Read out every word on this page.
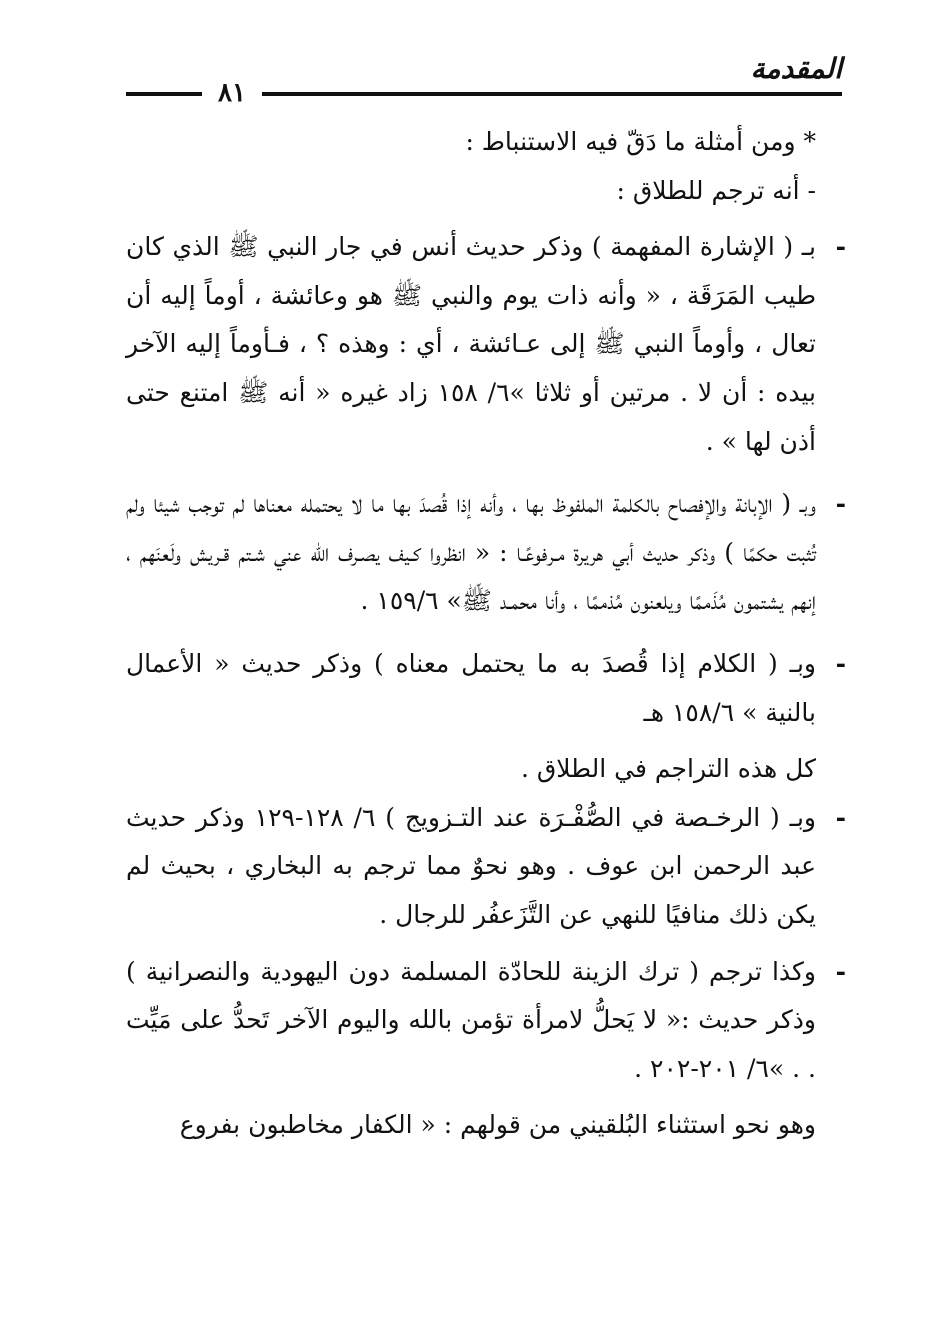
المقدمة
٨١

* ومن أمثلة ما دَقّ فيه الاستنباط :

- أنه ترجم للطلاق :

-

بـ ( الإشارة المفهمة ) وذكر حديث أنس في جار النبي ﷺ الذي كان طيب المَرَقَة ، « وأنه ذات يوم والنبي ﷺ هو وعائشة ، أوماً إليه أن تعال ، وأوماً النبي ﷺ إلى عـائشة ، أي : وهذه ؟ ، فـأوماً إليه الآخر بيده : أن لا . مرتين أو ثلاثا »٦/ ١٥٨ زاد غيره « أنه ﷺ امتنع حتى أذن لها » .

-

وبـ ( الإبانة والإفصاح بالكلمة الملفوظ بها ، وأنه إذا قُصدَ بها ما لا يحتمله معناها لم توجب شيئا ولم تُثبت حكمًا ) وذكر حديث أبي هريرة مـرفوعًـا : « انظروا كـيف يصـرف الله عني شـتم قـريش ولَعنَهم ، إنهم يشتمون مُذَممًا ويلعنون مُذممًا ، وأنا محمـد ﷺ» ١٥٩/٦ .

-

وبـ ( الكلام إذا قُصدَ به ما يحتمل معناه ) وذكر حديث « الأعمال بالنية » ١٥٨/٦ هـ

كل هذه التراجم في الطلاق .

-

وبـ ( الرخـصة في الصُّفْـرَة عند التـزويج ) ٦/ ١٢٨-١٢٩ وذكر حديث عبد الرحمن ابن عوف . وهو نحوٌ مما ترجم به البخاري ، بحيث لم يكن ذلك منافيًا للنهي عن التَّزَعفُر للرجال .

-

وكذا ترجم ( ترك الزينة للحادّة المسلمة دون اليهودية والنصرانية ) وذكر حديث :« لا يَحلُّ لامرأة تؤمن بالله واليوم الآخر تَحدُّ على مَيِّت . . »٦/ ٢٠١-٢٠٢ .

وهو نحو استثناء البُلقيني من قولهم : « الكفار مخاطبون بفروع
